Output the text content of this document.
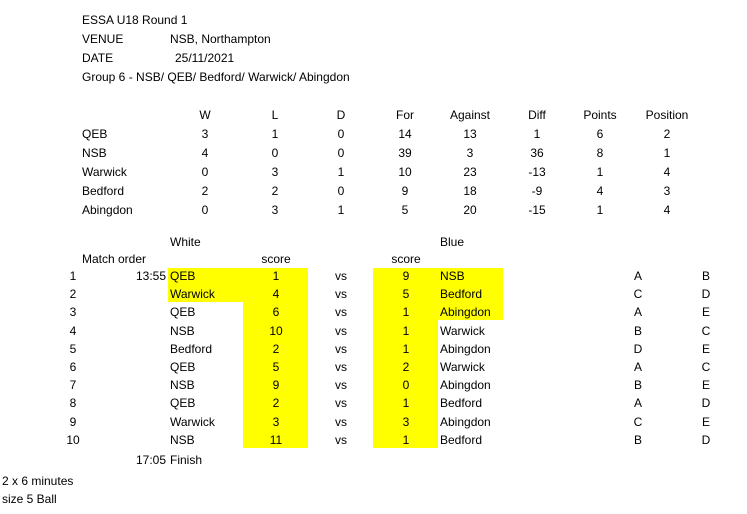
ESSA U18 Round 1
VENUE	NSB, Northampton
DATE	25/11/2021
Group 6 - NSB/ QEB/ Bedford/ Warwick/ Abingdon
W	L	D	For	Against	Diff	Points	Position
QEB	3	1	0	14	13	1	6	2
NSB	4	0	0	39	3	36	8	1
Warwick	0	3	1	10	23	-13	1	4
Bedford	2	2	0	9	18	-9	4	3
Abingdon	0	3	1	5	20	-15	1	4
White	Blue
Match order	score	score
13:55
1	QEB	1	vs	9	NSB	A	B
2	Warwick	4	vs	5	Bedford	C	D
3	QEB	6	vs	1	Abingdon	A	E
4	NSB	10	vs	1	Warwick	B	C
5	Bedford	2	vs	1	Abingdon	D	E
6	QEB	5	vs	2	Warwick	A	C
7	NSB	9	vs	0	Abingdon	B	E
8	QEB	2	vs	1	Bedford	A	D
9	Warwick	3	vs	3	Abingdon	C	E
10	NSB	11	vs	1	Bedford	B	D
17:05 Finish
2 x 6 minutes
size 5 Ball
